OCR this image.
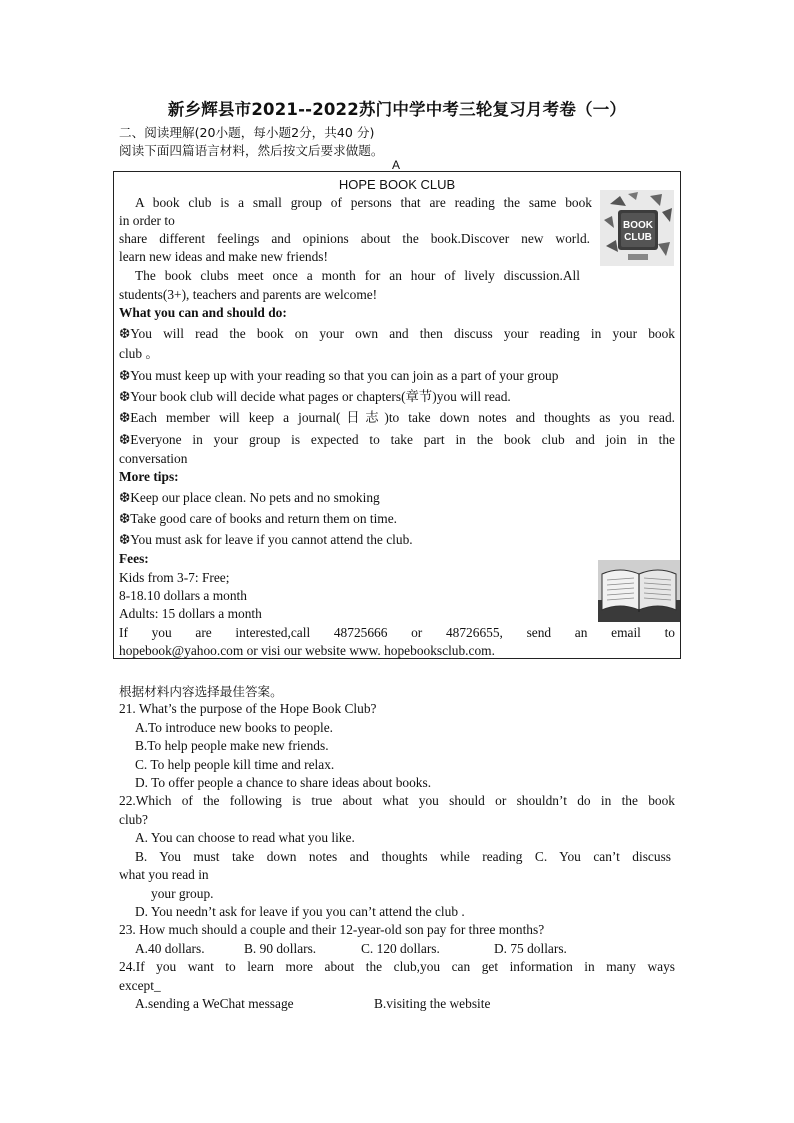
新乡辉县市2021--2022苏门中学中考三轮复习月考卷（一）
二、阅读理解(20小题，每小题2分，共40 分)
阅读下面四篇语言材料，然后按文后要求做题。
A
HOPE BOOK CLUB
BOOK
CLUB
A book club is a small group of persons that are reading the same book
in order to
share different feelings and opinions about the book.Discover new world.
learn new ideas and make new friends!
The book clubs meet once a month for an hour of lively discussion.All
students(3+), teachers and parents are welcome!
What you can and should do:
❆You will read the book on your own and then discuss your reading in your book
club 。
❆You must keep up with your reading so that you can join as a part of your group
❆Your book club will decide what pages or chapters(章节)you will read.
❆Each member will keep a journal(日志)to take down notes and thoughts as you read.
❆Everyone in your group is expected to take part in the book club and join in the
conversation
More tips:
❆Keep our place clean. No pets and no smoking
❆Take good care of books and return them on time.
❆You must ask for leave if you cannot attend the club.
Fees:
Kids from 3-7: Free;
8-18.10 dollars a month
Adults: 15 dollars a month
If you are interested,call 48725666 or 48726655, send an email to
hopebook@yahoo.com or visi our website www. hopebooksclub.com.
根据材料内容选择最佳答案。
21. What’s the purpose of the Hope Book Club?
A.To introduce new books to people.
B.To help people make new friends.
C. To help people kill time and relax.
D. To offer people a chance to share ideas about books.
22.Which of the following is true about what you should or shouldn’t do in the book
club?
A. You can choose to read what you like.
B. You must take down notes and thoughts while reading C. You can’t discuss
what you read in
your group.
D. You needn’t ask for leave if you you can’t attend the club .
23. How much should a couple and their 12-year-old son pay for three months?
A.40 dollars.	B. 90 dollars.	C. 120 dollars.	D. 75 dollars.
24.If you want to learn more about the club,you can get information in many ways
except_
A.sending a WeChat message	B.visiting the website
